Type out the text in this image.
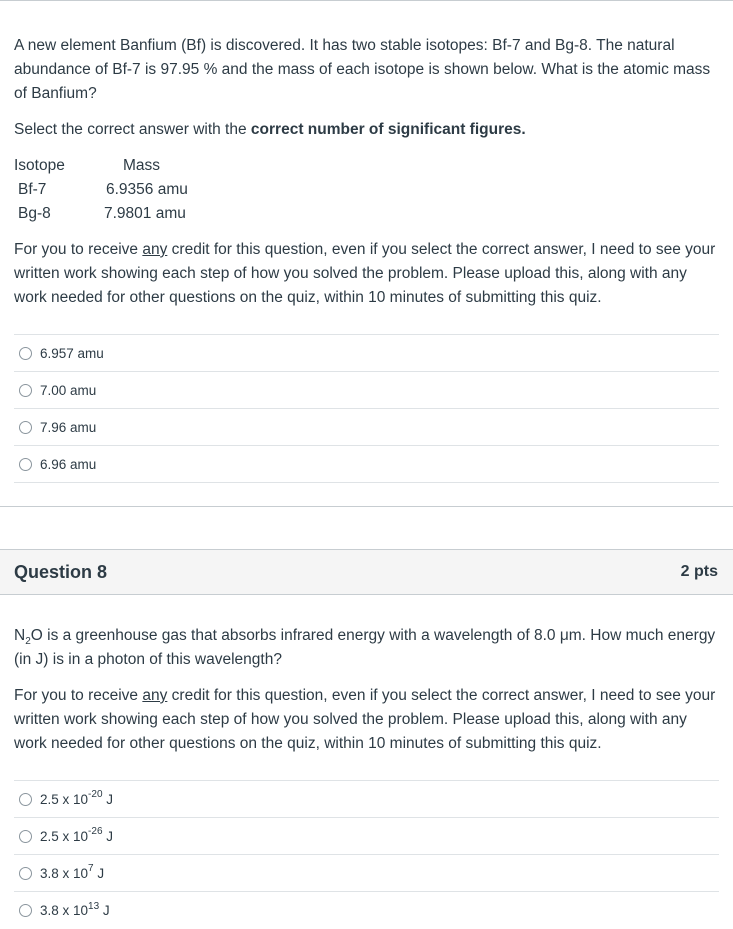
A new element Banfium (Bf) is discovered. It has two stable isotopes: Bf-7 and Bg-8. The natural abundance of Bf-7 is 97.95 % and the mass of each isotope is shown below. What is the atomic mass of Banfium?

Select the correct answer with the correct number of significant figures.

Isotope	Mass
Bf-7	6.9356 amu
Bg-8	7.9801 amu

For you to receive any credit for this question, even if you select the correct answer, I need to see your written work showing each step of how you solved the problem. Please upload this, along with any work needed for other questions on the quiz, within 10 minutes of submitting this quiz.

6.957 amu
7.00 amu
7.96 amu
6.96 amu
Question 8	2 pts

$N_2O$ is a greenhouse gas that absorbs infrared energy with a wavelength of 8.0 μm. How much energy (in J) is in a photon of this wavelength?

For you to receive any credit for this question, even if you select the correct answer, I need to see your written work showing each step of how you solved the problem. Please upload this, along with any work needed for other questions on the quiz, within 10 minutes of submitting this quiz.

2.5 x $10^{-20}$ J
2.5 x $10^{-26}$ J
3.8 x $10^7$ J
3.8 x $10^{13}$ J
